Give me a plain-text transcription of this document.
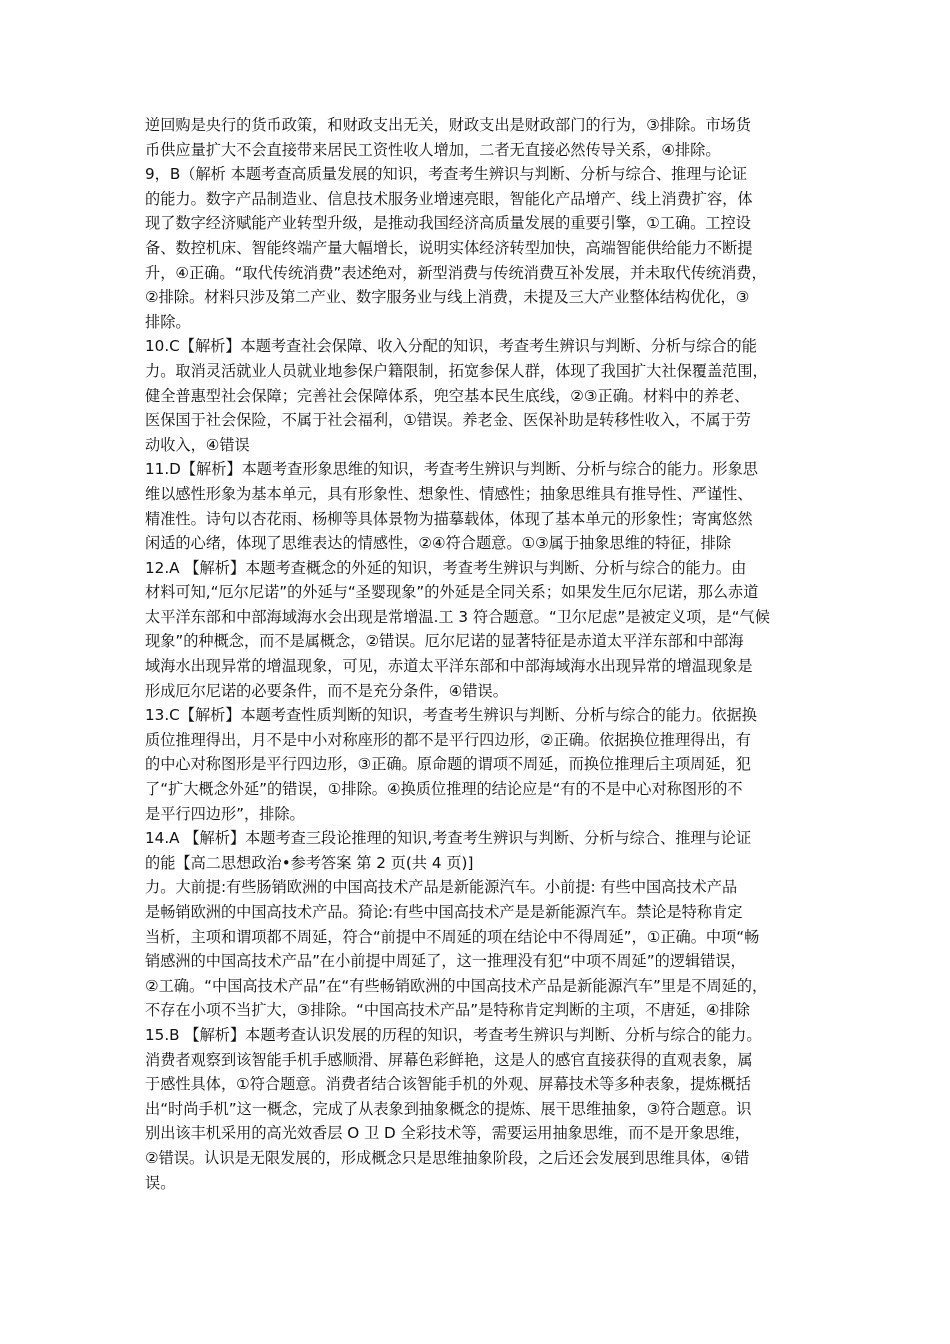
逆回购是央行的货币政策，和财政支出无关，财政支出是财政部门的行为，③排除。市场货
币供应量扩大不会直接带来居民工资性收人增加，二者无直接必然传导关系，④排除。
9，B（解析 本题考查高质量发展的知识，考查考生辨识与判断、分析与综合、推理与论证
的能力。数字产品制造业、信息技术服务业增速亮眼，智能化产品增产、线上消费扩容，体
现了数字经济赋能产业转型升级，是推动我国经济高质量发展的重要引擎，①工确。工控设
备、数控机床、智能终端产量大幅增长，说明实体经济转型加快，高端智能供给能力不断提
升，④正确。“取代传统消费”表述绝对，新型消费与传统消费互补发展，并未取代传统消费，
②排除。材料只涉及第二产业、数字服务业与线上消费，未提及三大产业整体结构优化，③
排除。
10.C【解析】本题考查社会保障、收入分配的知识，考查考生辨识与判断、分析与综合的能
力。取消灵活就业人员就业地参保户籍限制，拓宽参保人群，体现了我国扩大社保覆盖范围，
健全普惠型社会保障；完善社会保障体系，兜空基本民生底线，②③正确。材料中的养老、
医保国于社会保险，不属于社会福利，①错误。养老金、医保补助是转移性收入，不属于劳
动收入，④错误
11.D【解析】本题考查形象思维的知识，考查考生辨识与判断、分析与综合的能力。形象思
维以感性形象为基本单元，具有形象性、想象性、情感性；抽象思维具有推导性、严谨性、
精准性。诗句以杏花雨、杨柳等具体景物为描摹载体，体现了基本单元的形象性；寄寓悠然
闲适的心绪，体现了思维表达的情感性，②④符合题意。①③属于抽象思维的特征，排除
12.A 【解析】本题考查概念的外延的知识，考查考生辨识与判断、分析与综合的能力。由
材料可知,“厄尔尼诺”的外延与“圣婴现象”的外延是全同关系；如果发生厄尔尼诺，那么赤道
太平洋东部和中部海域海水会出现是常增温.工 3 符合题意。“卫尔尼虑”是被定义项，是“气候
现象”的种概念，而不是属概念，②错误。厄尔尼诺的显著特征是赤道太平洋东部和中部海
域海水出现异常的增温现象，可见，赤道太平洋东部和中部海域海水出现异常的增温现象是
形成厄尔尼诺的必要条件，而不是充分条件，④错误。
13.C【解析】本题考查性质判断的知识，考查考生辨识与判断、分析与综合的能力。依据换
质位推理得出，月不是中小对称座形的都不是平行四边形，②正确。依据换位推理得出，有
的中心对称图形是平行四边形，③正确。原命题的谓项不周延，而换位推理后主项周延，犯
了“扩大概念外延”的错误，①排除。④换质位推理的结论应是“有的不是中心对称图形的不
是平行四边形”，排除。
14.A 【解析】本题考查三段论推理的知识,考查考生辨识与判断、分析与综合、推理与论证
的能【高二思想政治•参考答案 第 2 页(共 4 页)]
力。大前提:有些肠销欧洲的中国高技术产品是新能源汽车。小前提: 有些中国高技术产品
是畅销欧洲的中国高技术产品。猗论:有些中国高技术产是是新能源汽车。禁论是特称肯定
当析，主项和谓项都不周延，符合“前提中不周延的项在结论中不得周延”，①正确。中项“畅
销感洲的中国高技术产品”在小前提中周延了，这一推理没有犯“中项不周延”的逻辑错误，
②工确。“中国高技术产品”在“有些畅销欧洲的中国高技术产品是新能源汽车”里是不周延的，
不存在小项不当扩大，③排除。“中国高技术产品”是特称肯定判断的主项，不唐延，④排除
15.B 【解析】本题考查认识发展的历程的知识，考查考生辨识与判断、分析与综合的能力。
消费者观察到该智能手机手感顺滑、屏幕色彩鲜艳，这是人的感官直接获得的直观表象，属
于感性具体，①符合题意。消费者结合该智能手机的外观、屏幕技术等多种表象，提炼概括
出“时尚手机”这一概念，完成了从表象到抽象概念的提炼、展干思维抽象，③符合题意。识
别出该丰机采用的高光效香层 O 卫 D 全彩技术等，需要运用抽象思维，而不是开象思维，
②错误。认识是无限发展的，形成概念只是思维抽象阶段，之后还会发展到思维具体，④错
误。
